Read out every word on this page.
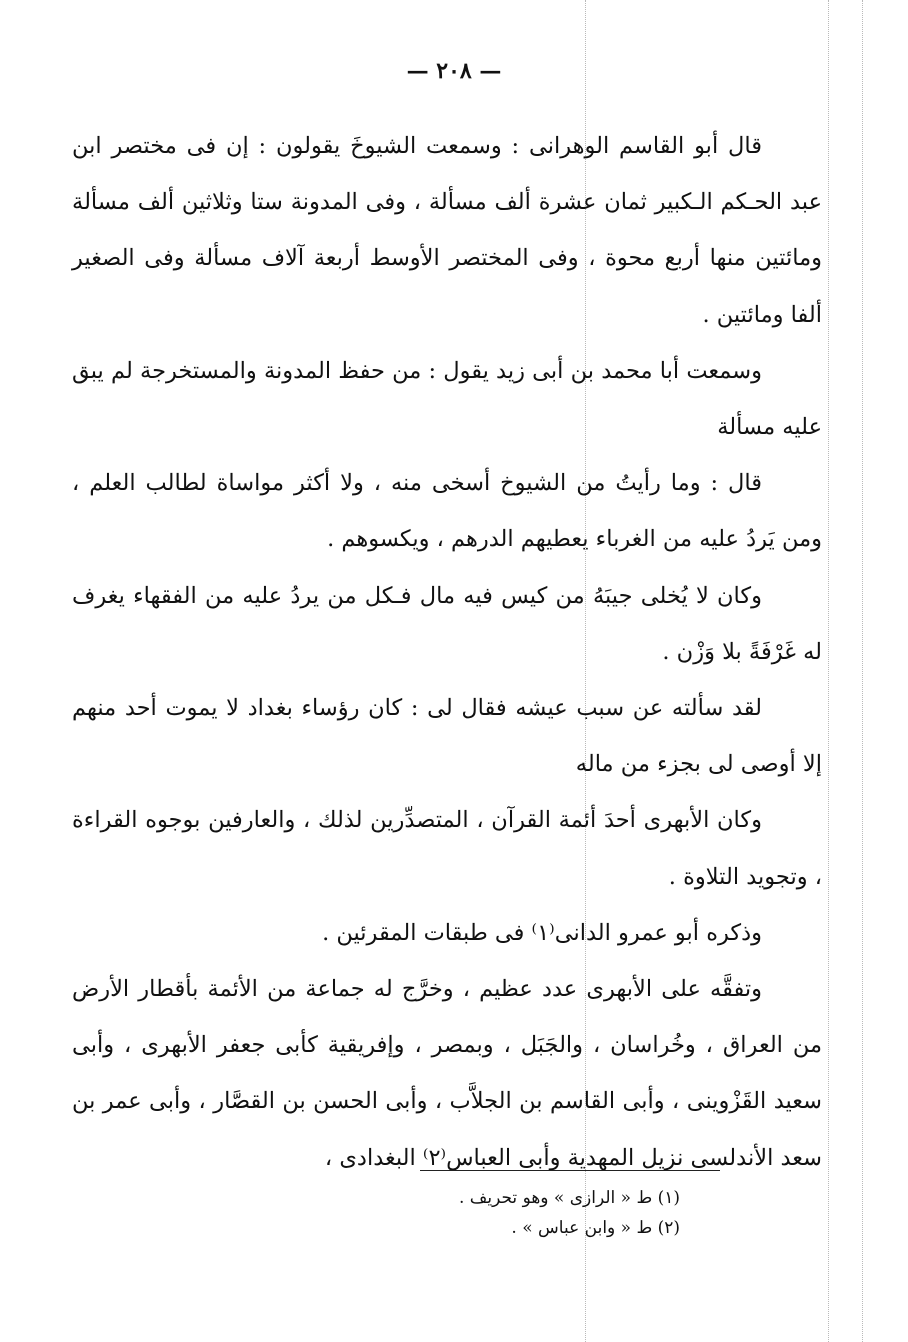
— ٢٠٨ —

قال أبو القاسم الوهرانى : وسمعت الشيوخَ يقولون : إن فى مختصر ابن عبد الحـكم الـكبير ثمان عشرة ألف مسألة ، وفى المدونة ستا وثلاثين ألف مسألة ومائتين منها أربع محوة ، وفى المختصر الأوسط أربعة آلاف مسألة وفى الصغير ألفا ومائتين .

وسمعت أبا محمد بن أبى زيد يقول : من حفظ المدونة والمستخرجة لم يبق عليه مسألة

قال : وما رأيتُ من الشيوخ أسخى منه ، ولا أكثر مواساة لطالب العلم ، ومن يَردُ عليه من الغرباء يعطيهم الدرهم ، ويكسوهم .

وكان لا يُخلى جيبَهُ من كيس فيه مال فـكل من يردُ عليه من الفقهاء يغرف له غَرْفَةً بلا وَزْن .

لقد سألته عن سبب عيشه فقال لى : كان رؤساء بغداد لا يموت أحد منهم إلا أوصى لى بجزء من ماله

وكان الأبهرى أحدَ أئمة القرآن ، المتصدِّرين لذلك ، والعارفين بوجوه القراءة ، وتجويد التلاوة .

وذكره أبو عمرو الدانى⁽١⁾ فى طبقات المقرئين .

وتفقَّه على الأبهرى عدد عظيم ، وخرَّج له جماعة من الأئمة بأقطار الأرض من العراق ، وخُراسان ، والجَبَل ، وبمصر ، وإفريقية كأبى جعفر الأبهرى ، وأبى سعيد القَزْوينى ، وأبى القاسم بن الجلاَّب ، وأبى الحسن بن القصَّار ، وأبى عمر بن سعد الأندلسى نزيل المهدية وأبى العباس⁽٢⁾ البغدادى ،

(١) ط « الرازى » وهو تحريف .

(٢) ط « وابن عباس » .
